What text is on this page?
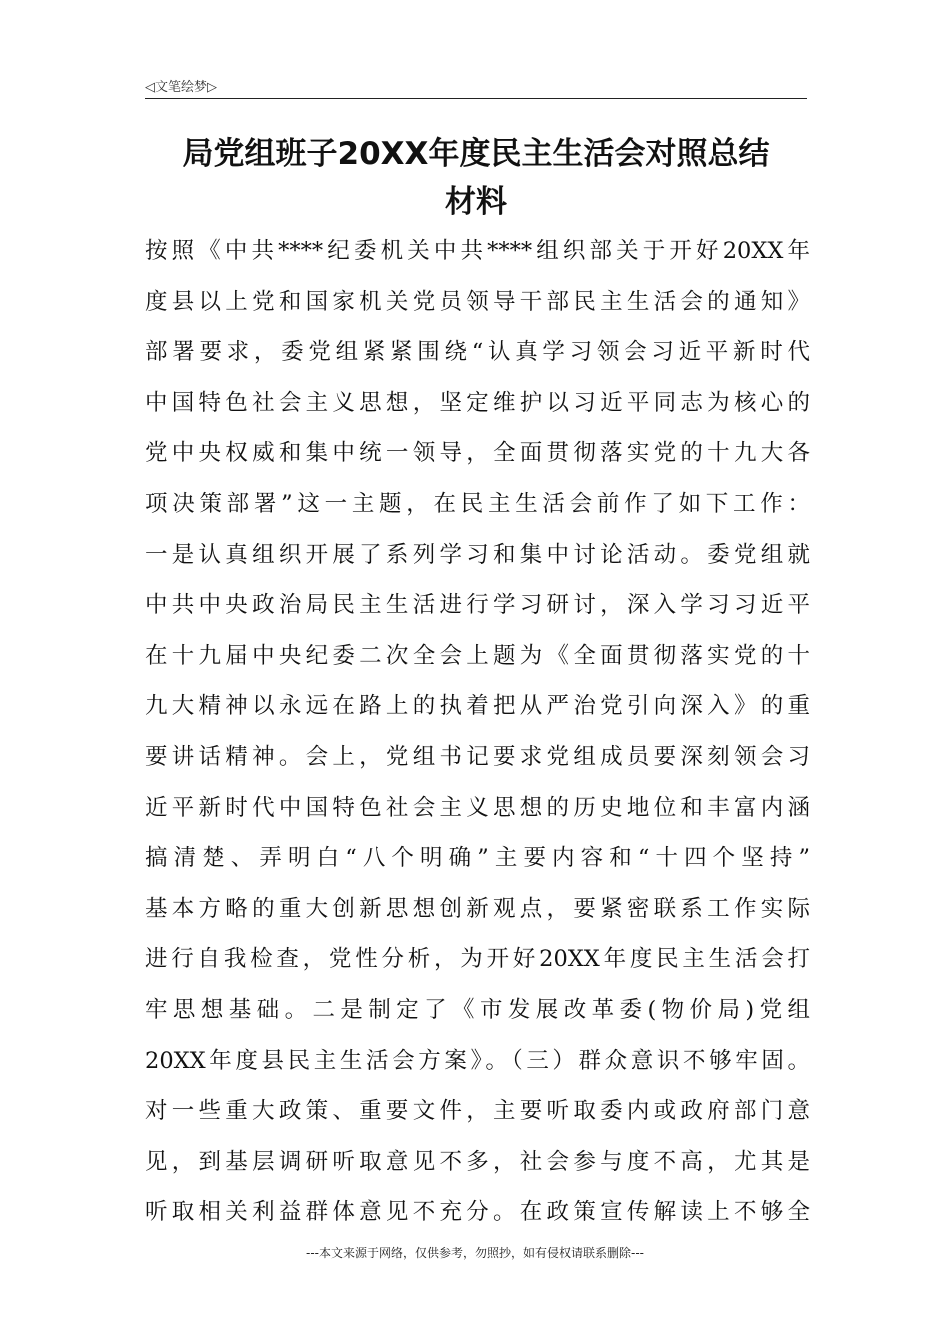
◁文笔绘梦▷
局党组班子20XX年度民主生活会对照总结
材料
按照《中共****纪委机关中共****组织部关于开好20XX年
度县以上党和国家机关党员领导干部民主生活会的通知》
部署要求，委党组紧紧围绕“认真学习领会习近平新时代
中国特色社会主义思想，坚定维护以习近平同志为核心的
党中央权威和集中统一领导，全面贯彻落实党的十九大各
项决策部署”这一主题，在民主生活会前作了如下工作：
一是认真组织开展了系列学习和集中讨论活动。委党组就
中共中央政治局民主生活进行学习研讨，深入学习习近平
在十九届中央纪委二次全会上题为《全面贯彻落实党的十
九大精神以永远在路上的执着把从严治党引向深入》的重
要讲话精神。会上，党组书记要求党组成员要深刻领会习
近平新时代中国特色社会主义思想的历史地位和丰富内涵
搞清楚、弄明白“八个明确”主要内容和“十四个坚持”
基本方略的重大创新思想创新观点，要紧密联系工作实际
进行自我检查，党性分析，为开好20XX年度民主生活会打
牢思想基础。二是制定了《市发展改革委(物价局)党组
20XX年度县民主生活会方案》。（三）群众意识不够牢固。
对一些重大政策、重要文件，主要听取委内或政府部门意
见，到基层调研听取意见不多，社会参与度不高，尤其是
听取相关利益群体意见不充分。在政策宣传解读上不够全
---本文来源于网络，仅供参考，勿照抄，如有侵权请联系删除---
